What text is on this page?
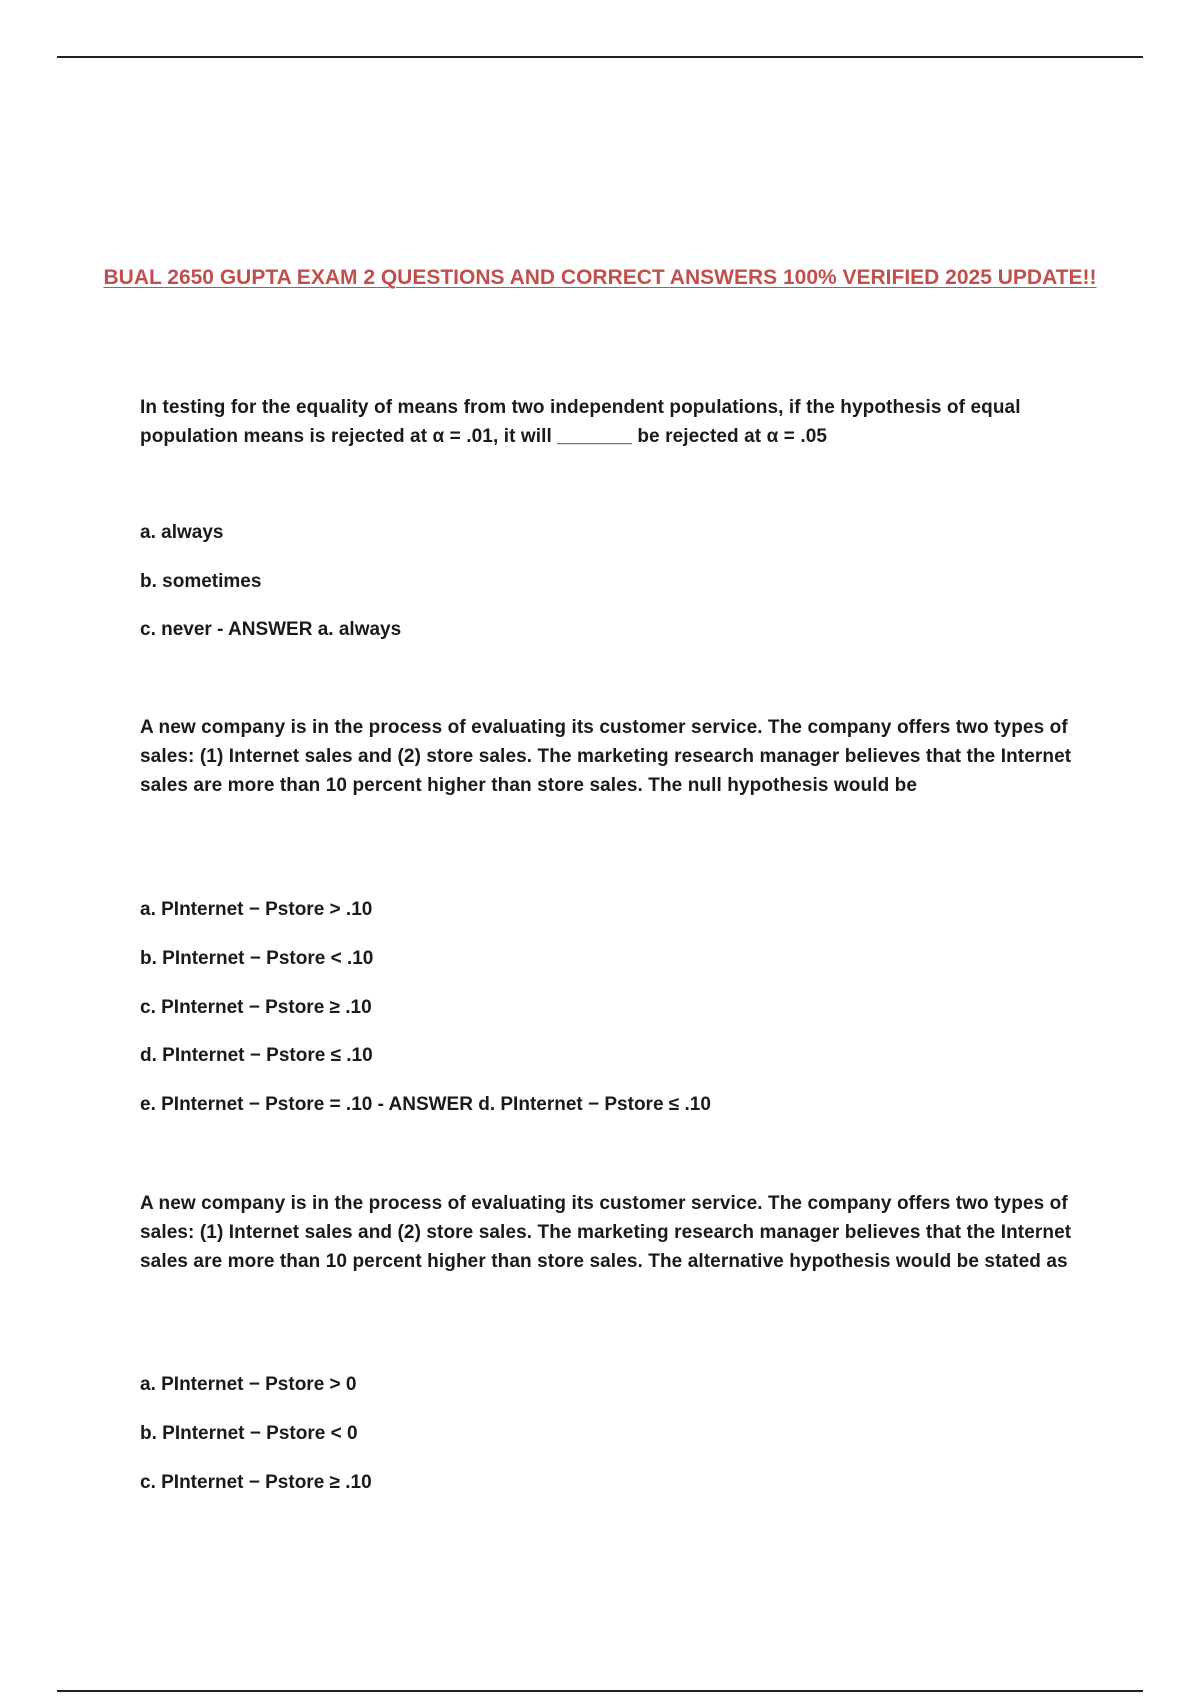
BUAL 2650 GUPTA EXAM 2 QUESTIONS AND CORRECT ANSWERS 100% VERIFIED 2025 UPDATE!!

In testing for the equality of means from two independent populations, if the hypothesis of equal population means is rejected at α = .01, it will _______ be rejected at α = .05

a. always

b. sometimes

c. never - ANSWER a. always

A new company is in the process of evaluating its customer service. The company offers two types of sales: (1) Internet sales and (2) store sales. The marketing research manager believes that the Internet sales are more than 10 percent higher than store sales. The null hypothesis would be

a. PInternet − Pstore > .10

b. PInternet − Pstore < .10

c. PInternet − Pstore ≥ .10

d. PInternet − Pstore ≤ .10

e. PInternet − Pstore = .10 - ANSWER d. PInternet − Pstore ≤ .10

A new company is in the process of evaluating its customer service. The company offers two types of sales: (1) Internet sales and (2) store sales. The marketing research manager believes that the Internet sales are more than 10 percent higher than store sales. The alternative hypothesis would be stated as

a. PInternet − Pstore > 0

b. PInternet − Pstore < 0

c. PInternet − Pstore ≥ .10
